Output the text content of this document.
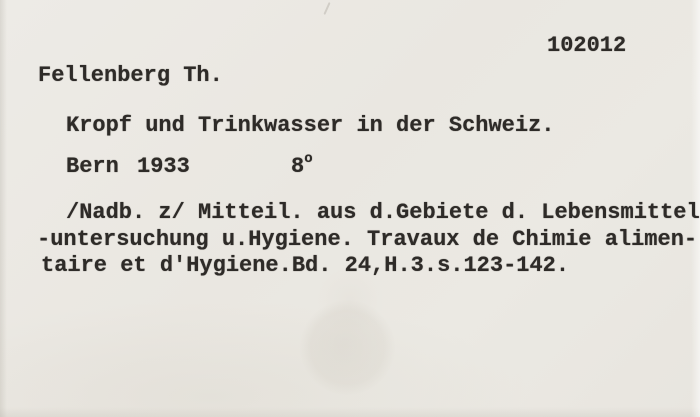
102012
Fellenberg Th.
Kropf und Trinkwasser in der Schweiz.
Bern 1933	8$^o$
/Nadb. z/ Mitteil. aus d.Gebiete d. Lebensmittel
-untersuchung u.Hygiene. Travaux de Chimie alimen-
taire et d'Hygiene.Bd. 24,H.3.s.123-142.
